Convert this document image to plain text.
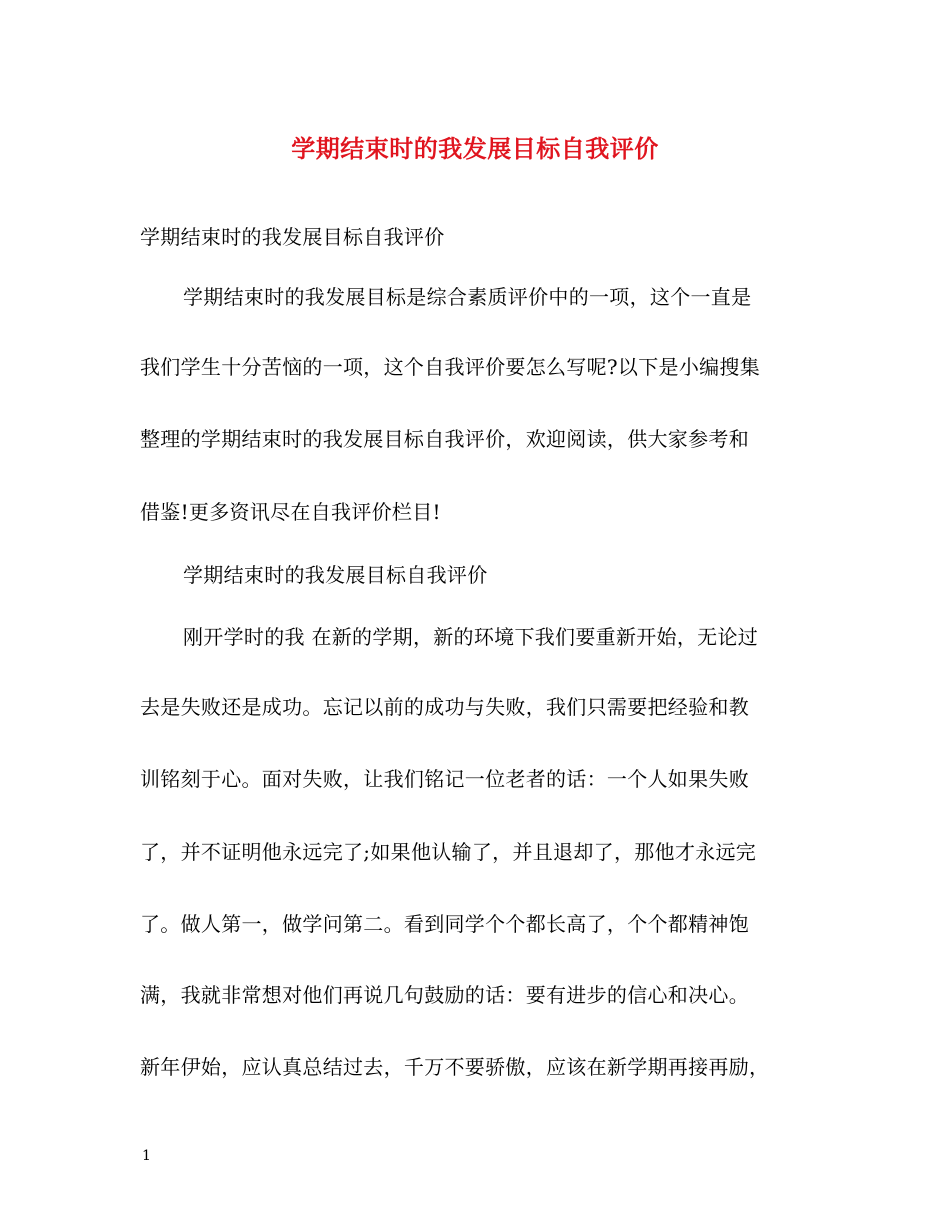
学期结束时的我发展目标自我评价

学期结束时的我发展目标自我评价

学期结束时的我发展目标是综合素质评价中的一项，这个一直是

我们学生十分苦恼的一项，这个自我评价要怎么写呢?以下是小编搜集

整理的学期结束时的我发展目标自我评价，欢迎阅读，供大家参考和

借鉴!更多资讯尽在自我评价栏目!

学期结束时的我发展目标自我评价

刚开学时的我 在新的学期，新的环境下我们要重新开始，无论过

去是失败还是成功。忘记以前的成功与失败，我们只需要把经验和教

训铭刻于心。面对失败，让我们铭记一位老者的话：一个人如果失败

了，并不证明他永远完了;如果他认输了，并且退却了，那他才永远完

了。做人第一，做学问第二。看到同学个个都长高了，个个都精神饱

满，我就非常想对他们再说几句鼓励的话：要有进步的信心和决心。

新年伊始，应认真总结过去，千万不要骄傲，应该在新学期再接再励，

1
